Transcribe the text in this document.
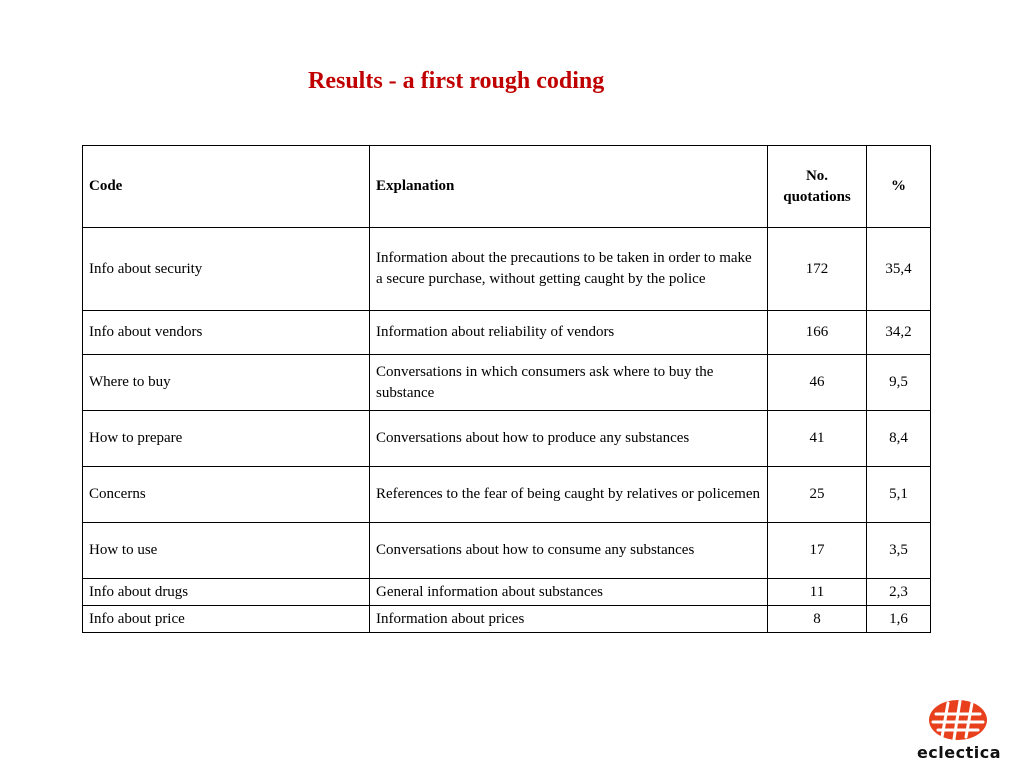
Results - a first rough coding
Code	Explanation	No. quotations	%
Info about security	Information about the precautions to be taken in order to make a secure purchase, without getting caught by the police	172	35,4
Info about vendors	Information about reliability of vendors	166	34,2
Where to buy	Conversations in which consumers ask where to buy the substance	46	9,5
How to prepare	Conversations about how to produce any substances	41	8,4
Concerns	References to the fear of being caught by relatives or policemen	25	5,1
How to use	Conversations about how to consume any substances	17	3,5
Info about drugs	General information about substances	11	2,3
Info about price	Information about prices	8	1,6
eclectica
